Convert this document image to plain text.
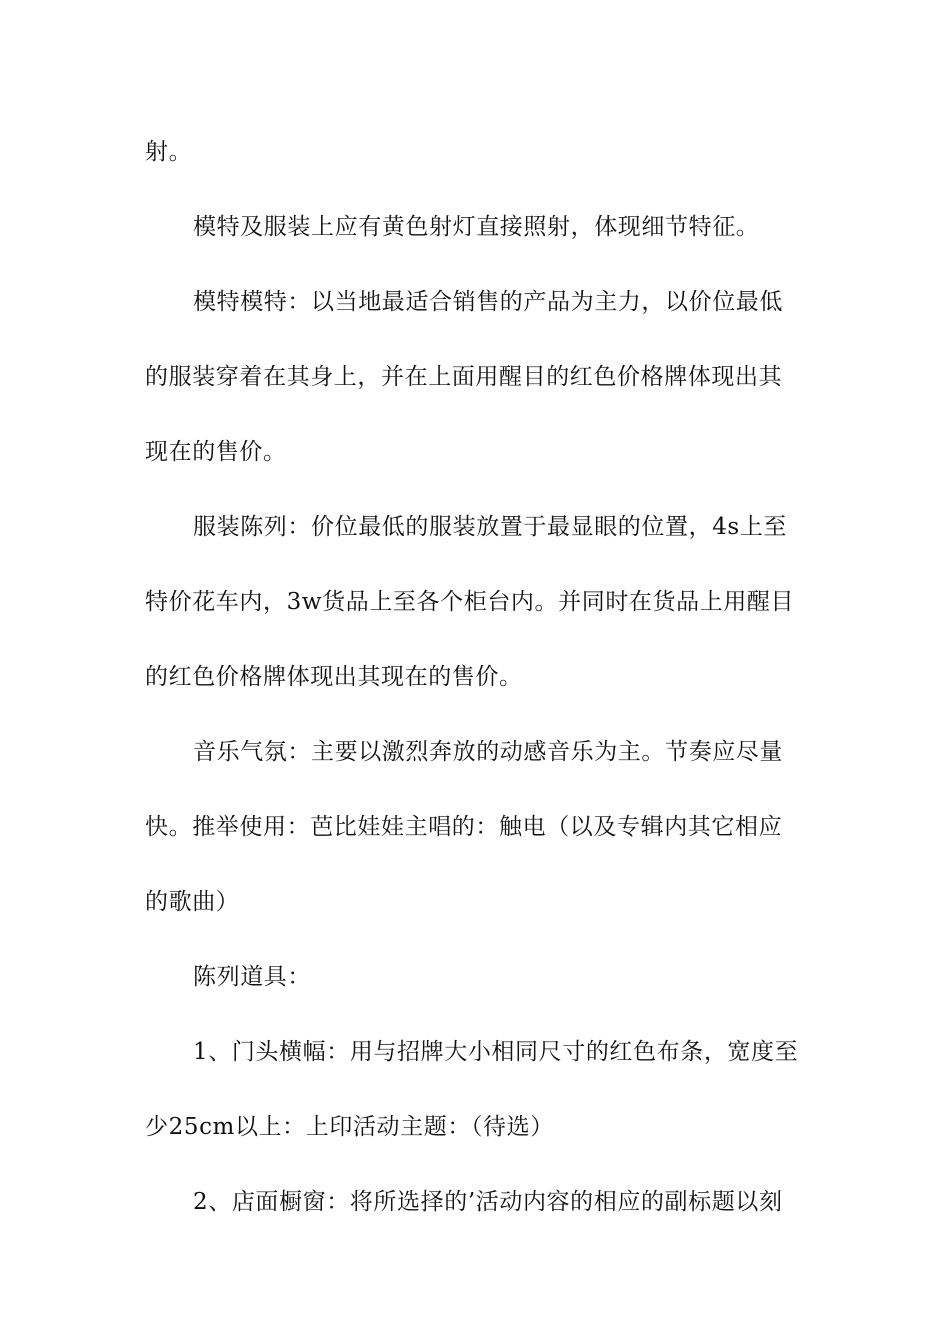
射。
模特及服装上应有黄色射灯直接照射，体现细节特征。
模特模特：以当地最适合销售的产品为主力，以价位最低
的服装穿着在其身上，并在上面用醒目的红色价格牌体现出其
现在的售价。
服装陈列：价位最低的服装放置于最显眼的位置，4s上至
特价花车内，3w货品上至各个柜台内。并同时在货品上用醒目
的红色价格牌体现出其现在的售价。
音乐气氛：主要以激烈奔放的动感音乐为主。节奏应尽量
快。推举使用：芭比娃娃主唱的：触电（以及专辑内其它相应
的歌曲）
陈列道具：
1、门头横幅：用与招牌大小相同尺寸的红色布条，宽度至
少25cm以上：上印活动主题：（待选）
2、店面橱窗：将所选择的’活动内容的相应的副标题以刻
